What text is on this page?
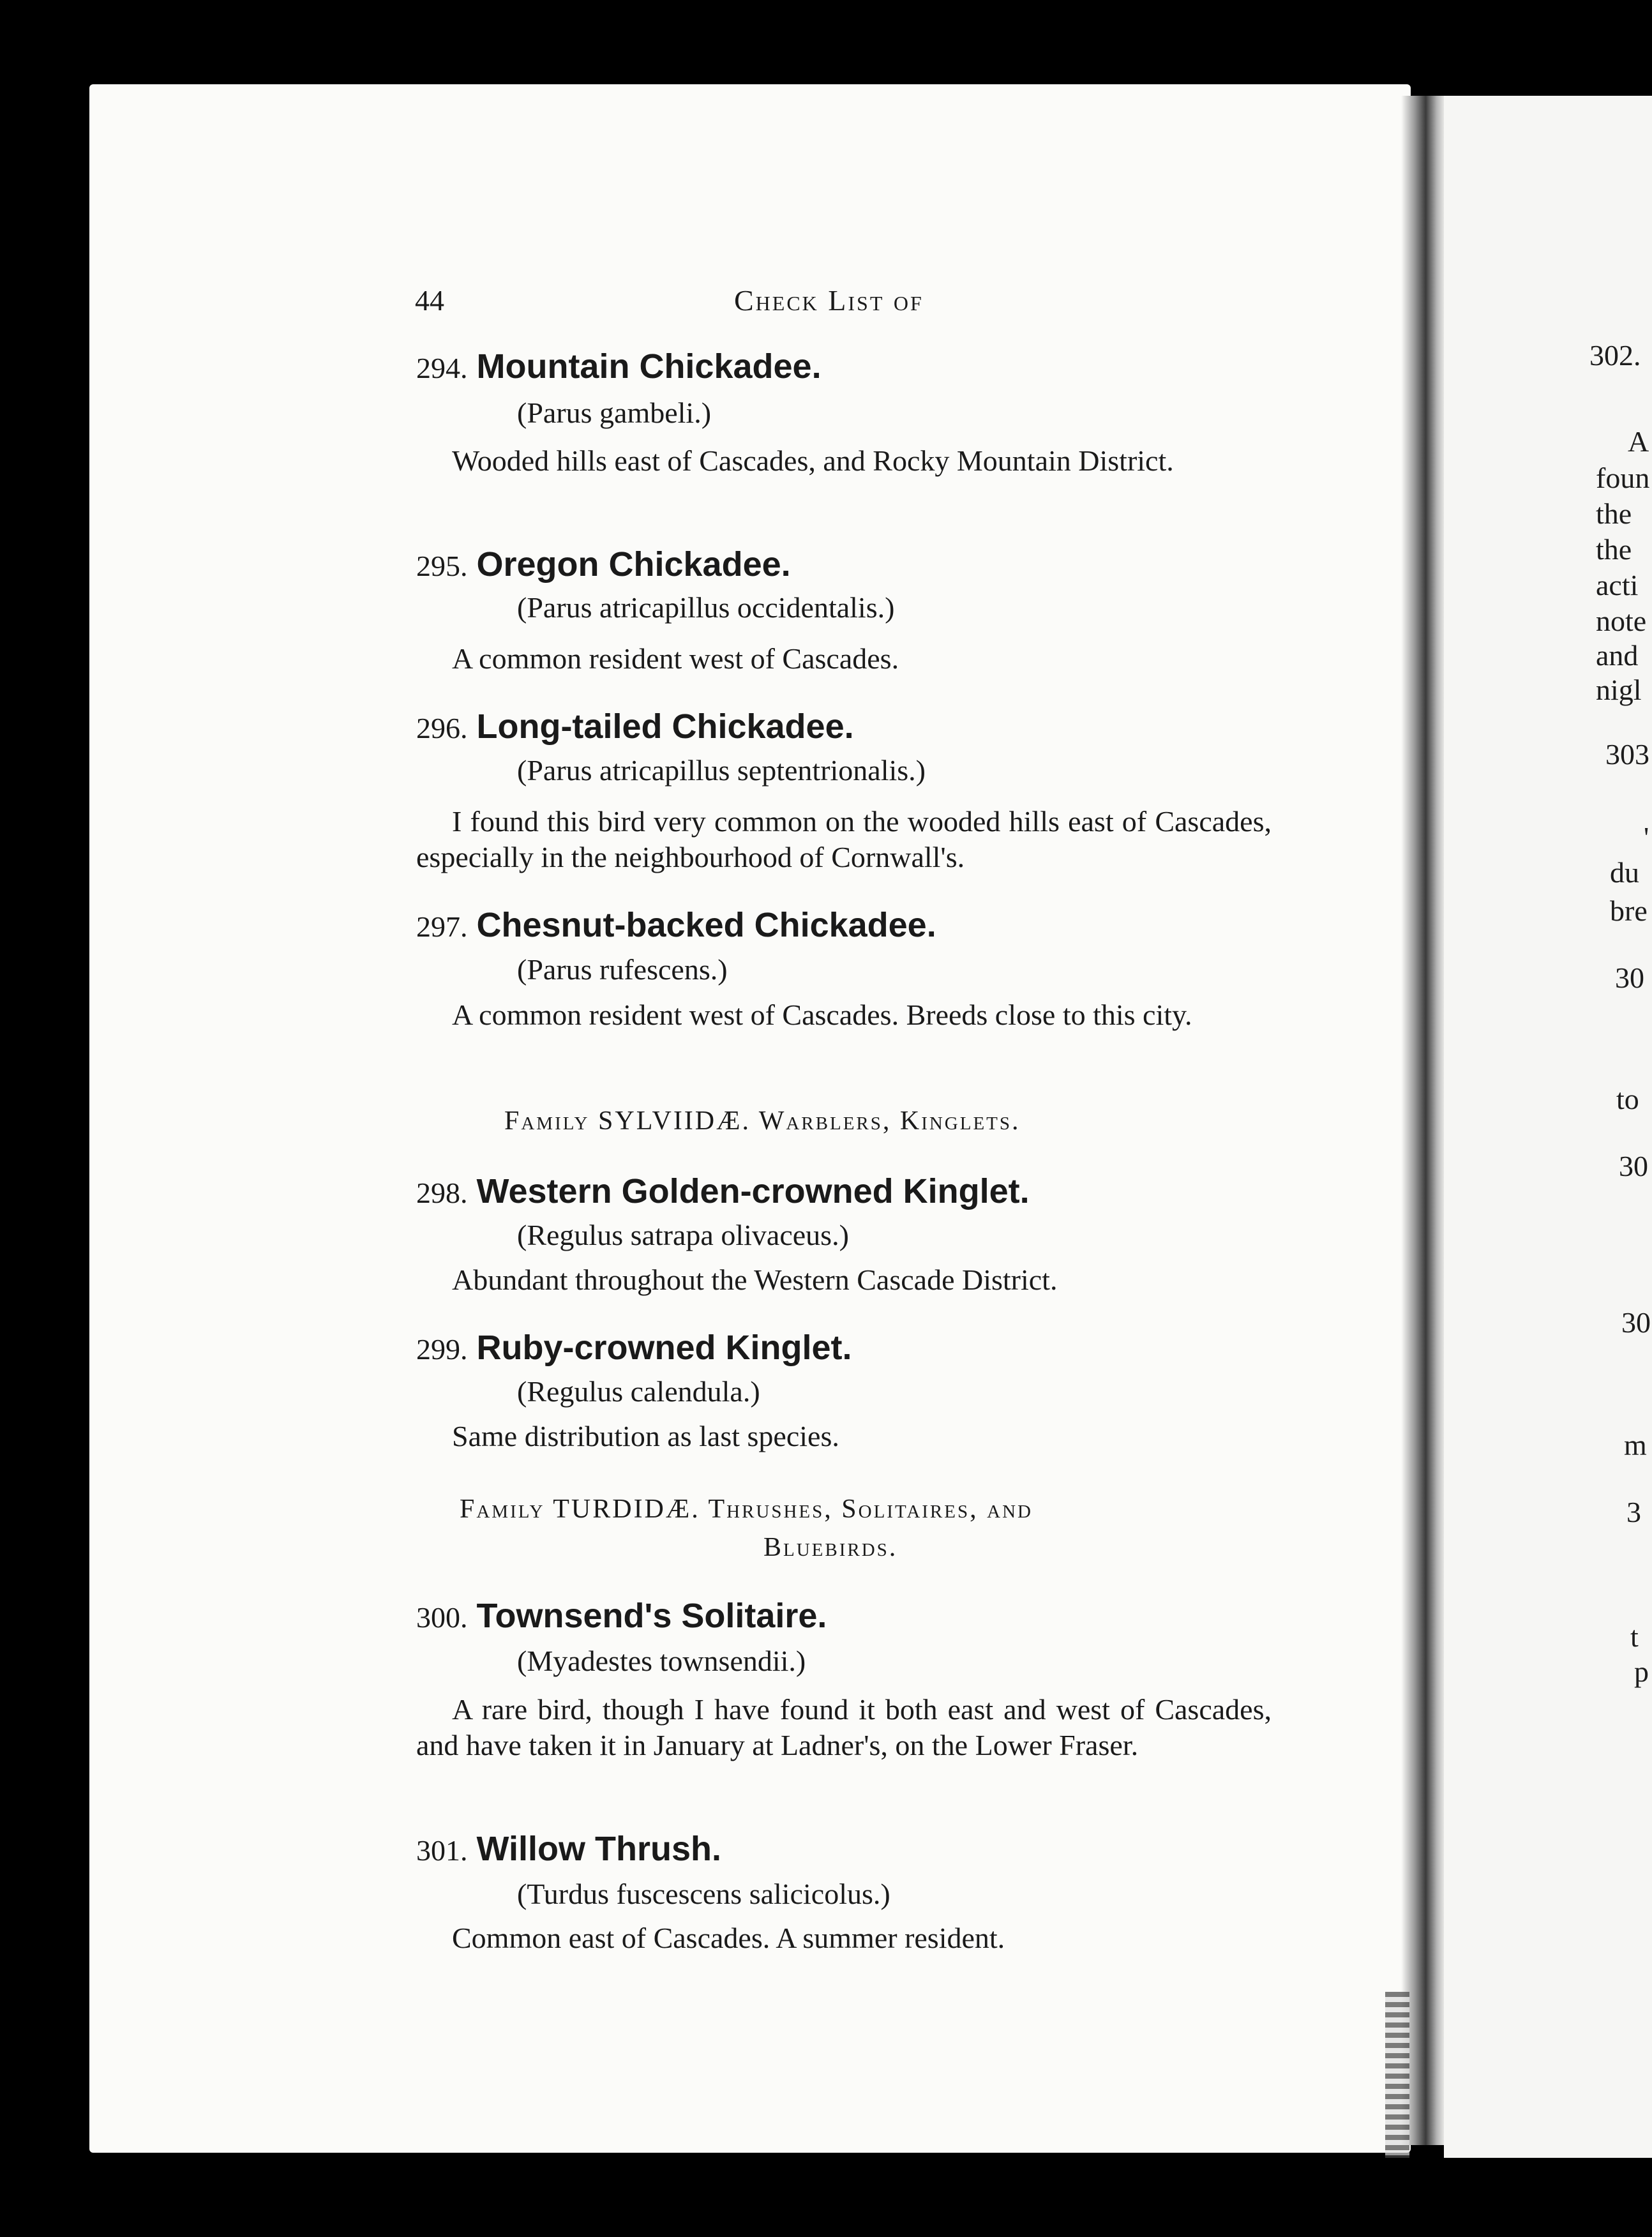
44	Check List of
294. Mountain Chickadee.
(Parus gambeli.)
Wooded hills east of Cascades, and Rocky Mountain District.
295. Oregon Chickadee.
(Parus atricapillus occidentalis.)
A common resident west of Cascades.
296. Long-tailed Chickadee.
(Parus atricapillus septentrionalis.)
I found this bird very common on the wooded hills east of Cascades, especially in the neighbourhood of Cornwall's.
297. Chesnut-backed Chickadee.
(Parus rufescens.)
A common resident west of Cascades. Breeds close to this city.
Family SYLVIIDÆ. Warblers, Kinglets.
298. Western Golden-crowned Kinglet.
(Regulus satrapa olivaceus.)
Abundant throughout the Western Cascade District.
299. Ruby-crowned Kinglet.
(Regulus calendula.)
Same distribution as last species.
Family TURDIDÆ. Thrushes, Solitaires, and
Bluebirds.
300. Townsend's Solitaire.
(Myadestes townsendii.)
A rare bird, though I have found it both east and west of Cascades, and have taken it in January at Ladner's, on the Lower Fraser.
301. Willow Thrush.
(Turdus fuscescens salicicolus.)
Common east of Cascades. A summer resident.
302.
A
foun
the
the
acti
note
and
nigl
303
'
du
bre
30
to
30
30
m
3
t
p
